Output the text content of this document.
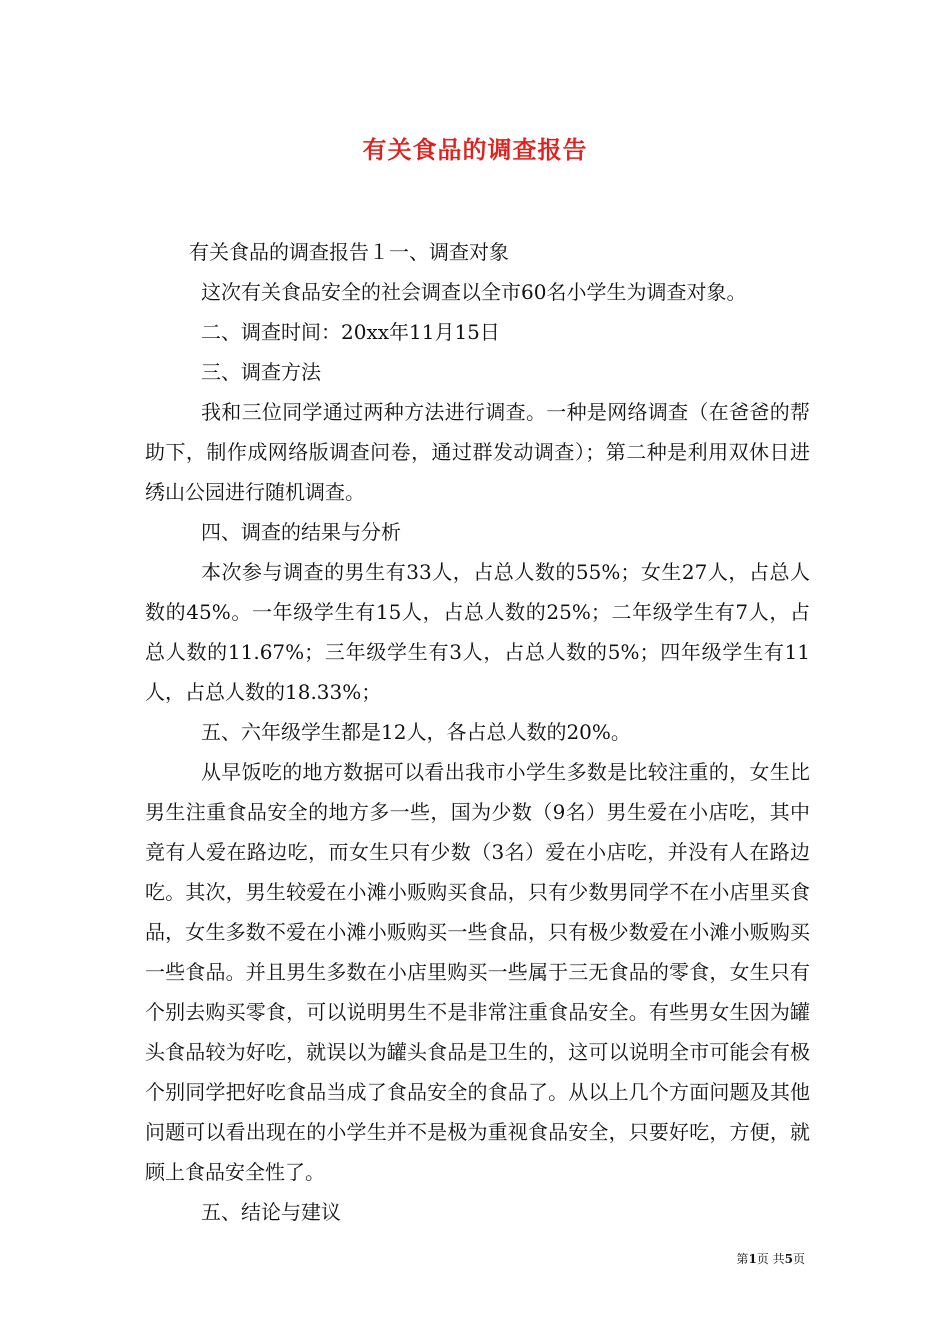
有关食品的调查报告

有关食品的调查报告１一、调查对象

这次有关食品安全的社会调查以全市60名小学生为调查对象。

二、调查时间：20xx年11月15日

三、调查方法

我和三位同学通过两种方法进行调查。一种是网络调查（在爸爸的帮助下，制作成网络版调查问卷，通过群发动调查）；第二种是利用双休日进绣山公园进行随机调查。

四、调查的结果与分析

本次参与调查的男生有33人，占总人数的55%；女生27人，占总人数的45%。一年级学生有15人，占总人数的25%；二年级学生有7人，占总人数的11.67%；三年级学生有3人，占总人数的5%；四年级学生有11人，占总人数的18.33%；

五、六年级学生都是12人，各占总人数的20%。

从早饭吃的地方数据可以看出我市小学生多数是比较注重的，女生比男生注重食品安全的地方多一些，国为少数（9名）男生爱在小店吃，其中竟有人爱在路边吃，而女生只有少数（3名）爱在小店吃，并没有人在路边吃。其次，男生较爱在小滩小贩购买食品，只有少数男同学不在小店里买食品，女生多数不爱在小滩小贩购买一些食品，只有极少数爱在小滩小贩购买一些食品。并且男生多数在小店里购买一些属于三无食品的零食，女生只有个别去购买零食，可以说明男生不是非常注重食品安全。有些男女生因为罐头食品较为好吃，就误以为罐头食品是卫生的，这可以说明全市可能会有极个别同学把好吃食品当成了食品安全的食品了。从以上几个方面问题及其他问题可以看出现在的小学生并不是极为重视食品安全，只要好吃，方便，就顾上食品安全性了。

五、结论与建议

第1页 共5页
